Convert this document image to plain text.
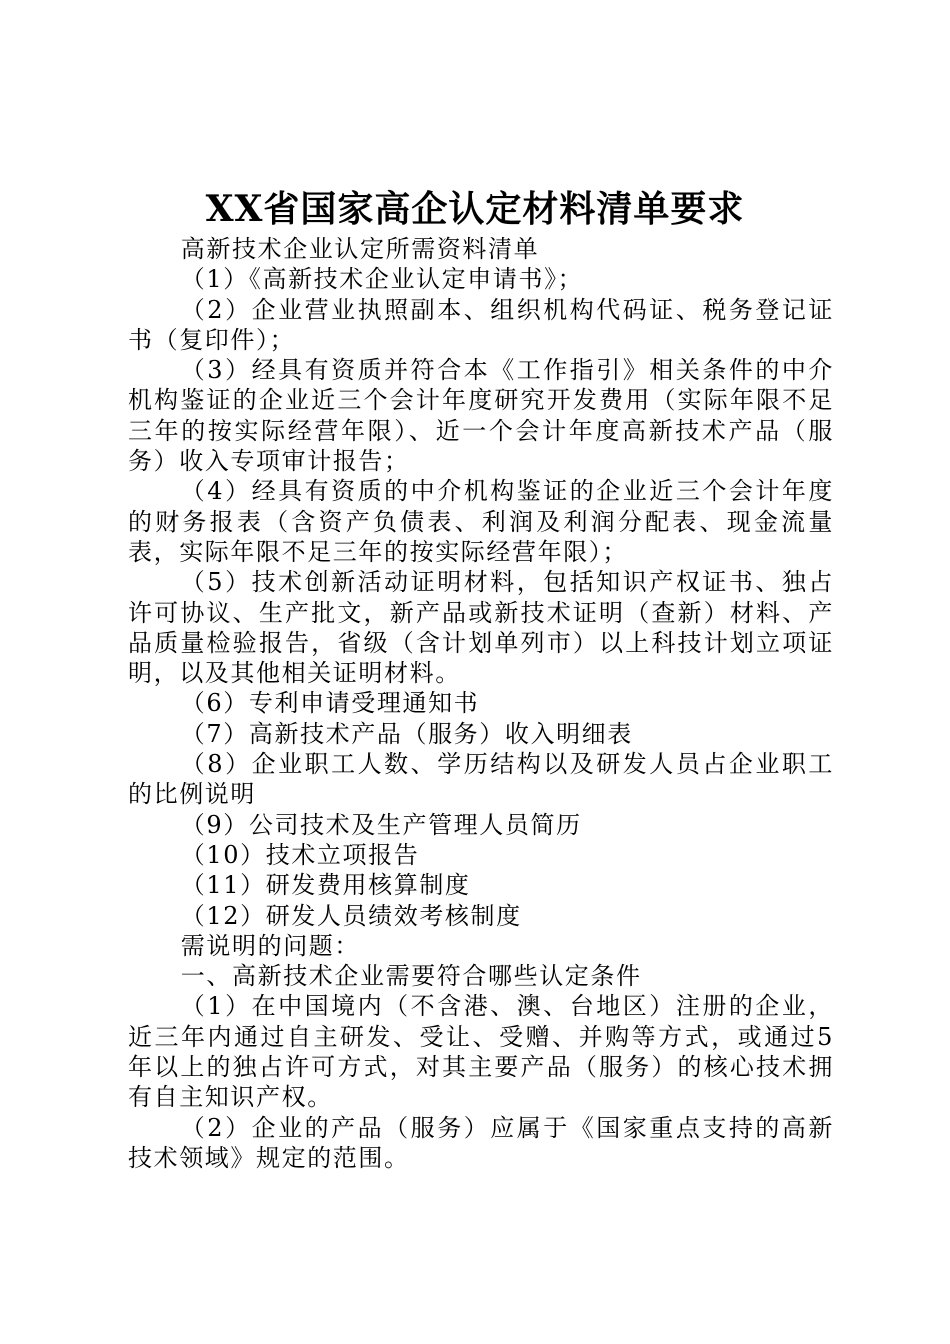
XX省国家高企认定材料清单要求

高新技术企业认定所需资料清单

（1）《高新技术企业认定申请书》；

（2）企业营业执照副本、组织机构代码证、税务登记证书（复印件）；

（3）经具有资质并符合本《工作指引》相关条件的中介机构鉴证的企业近三个会计年度研究开发费用（实际年限不足三年的按实际经营年限）、近一个会计年度高新技术产品（服务）收入专项审计报告；

（4）经具有资质的中介机构鉴证的企业近三个会计年度的财务报表（含资产负债表、利润及利润分配表、现金流量表，实际年限不足三年的按实际经营年限）；

（5）技术创新活动证明材料，包括知识产权证书、独占许可协议、生产批文，新产品或新技术证明（查新）材料、产品质量检验报告，省级（含计划单列市）以上科技计划立项证明，以及其他相关证明材料。

（6）专利申请受理通知书

（7）高新技术产品（服务）收入明细表

（8）企业职工人数、学历结构以及研发人员占企业职工的比例说明

（9）公司技术及生产管理人员简历

（10）技术立项报告

（11）研发费用核算制度

（12）研发人员绩效考核制度

需说明的问题：

一、高新技术企业需要符合哪些认定条件

（1）在中国境内（不含港、澳、台地区）注册的企业，近三年内通过自主研发、受让、受赠、并购等方式，或通过5年以上的独占许可方式，对其主要产品（服务）的核心技术拥有自主知识产权。

（2）企业的产品（服务）应属于《国家重点支持的高新技术领域》规定的范围。
